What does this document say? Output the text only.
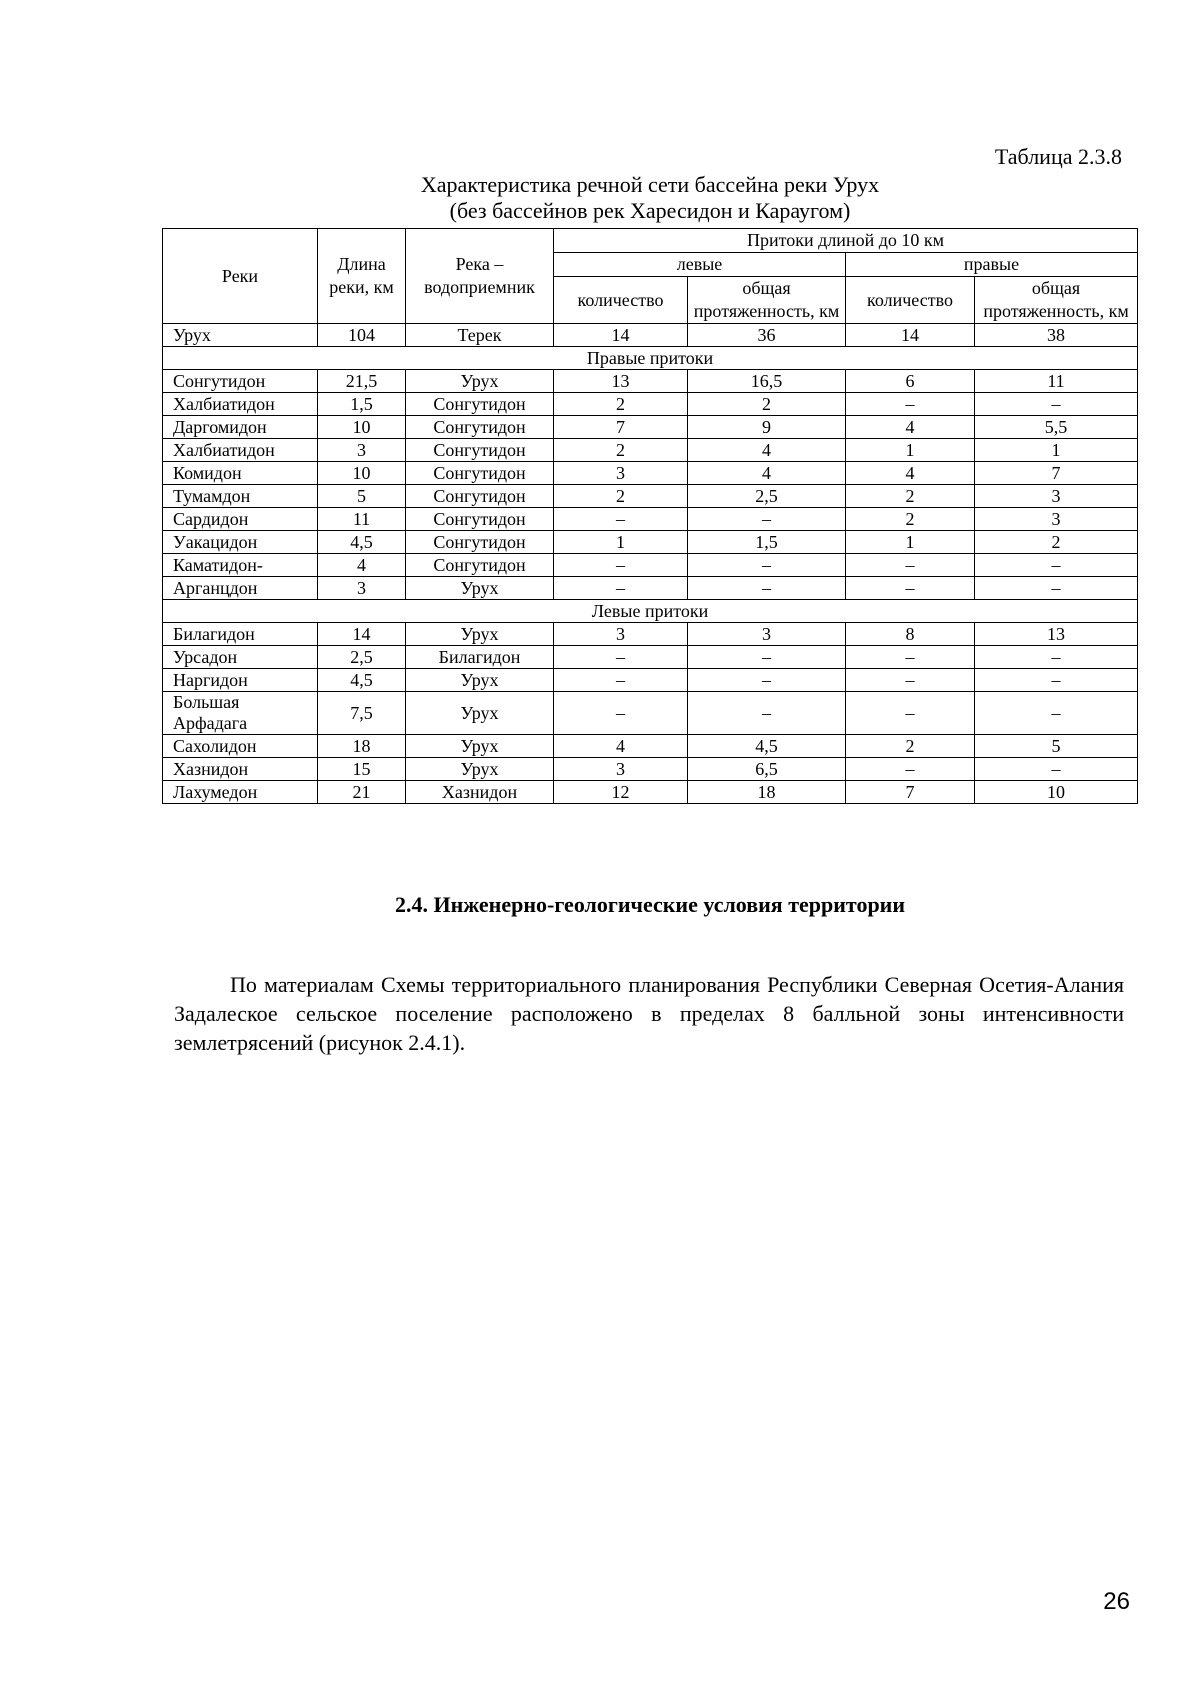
Таблица 2.3.8
Характеристика речной сети бассейна реки Урух
(без бассейнов рек Харесидон и Караугом)
Реки	Длина реки, км	Река – водоприемник	Притоки длиной до 10 км			
			левые		правые	
			количество	общая протяженность, км	количество	общая протяженность, км
Урух	104	Терек	14	36	14	38
Правые притоки						
Сонгутидон	21,5	Урух	13	16,5	6	11
Халбиатидон	1,5	Сонгутидон	2	2	–	–
Даргомидон	10	Сонгутидон	7	9	4	5,5
Халбиатидон	3	Сонгутидон	2	4	1	1
Комидон	10	Сонгутидон	3	4	4	7
Тумамдон	5	Сонгутидон	2	2,5	2	3
Сардидон	11	Сонгутидон	–	–	2	3
Уакацидон	4,5	Сонгутидон	1	1,5	1	2
Каматидон-	4	Сонгутидон	–	–	–	–
Арганцдон	3	Урух	–	–	–	–
Левые притоки						
Билагидон	14	Урух	3	3	8	13
Урсадон	2,5	Билагидон	–	–	–	–
Наргидон	4,5	Урух	–	–	–	–
Большая Арфадага	7,5	Урух	–	–	–	–
Сахолидон	18	Урух	4	4,5	2	5
Хазнидон	15	Урух	3	6,5	–	–
Лахумедон	21	Хазнидон	12	18	7	10
2.4. Инженерно-геологические условия территории

По материалам Схемы территориального планирования Республики Северная Осетия-Алания Задалеское сельское поселение расположено в пределах 8 балльной зоны интенсивности землетрясений (рисунок 2.4.1).

26
